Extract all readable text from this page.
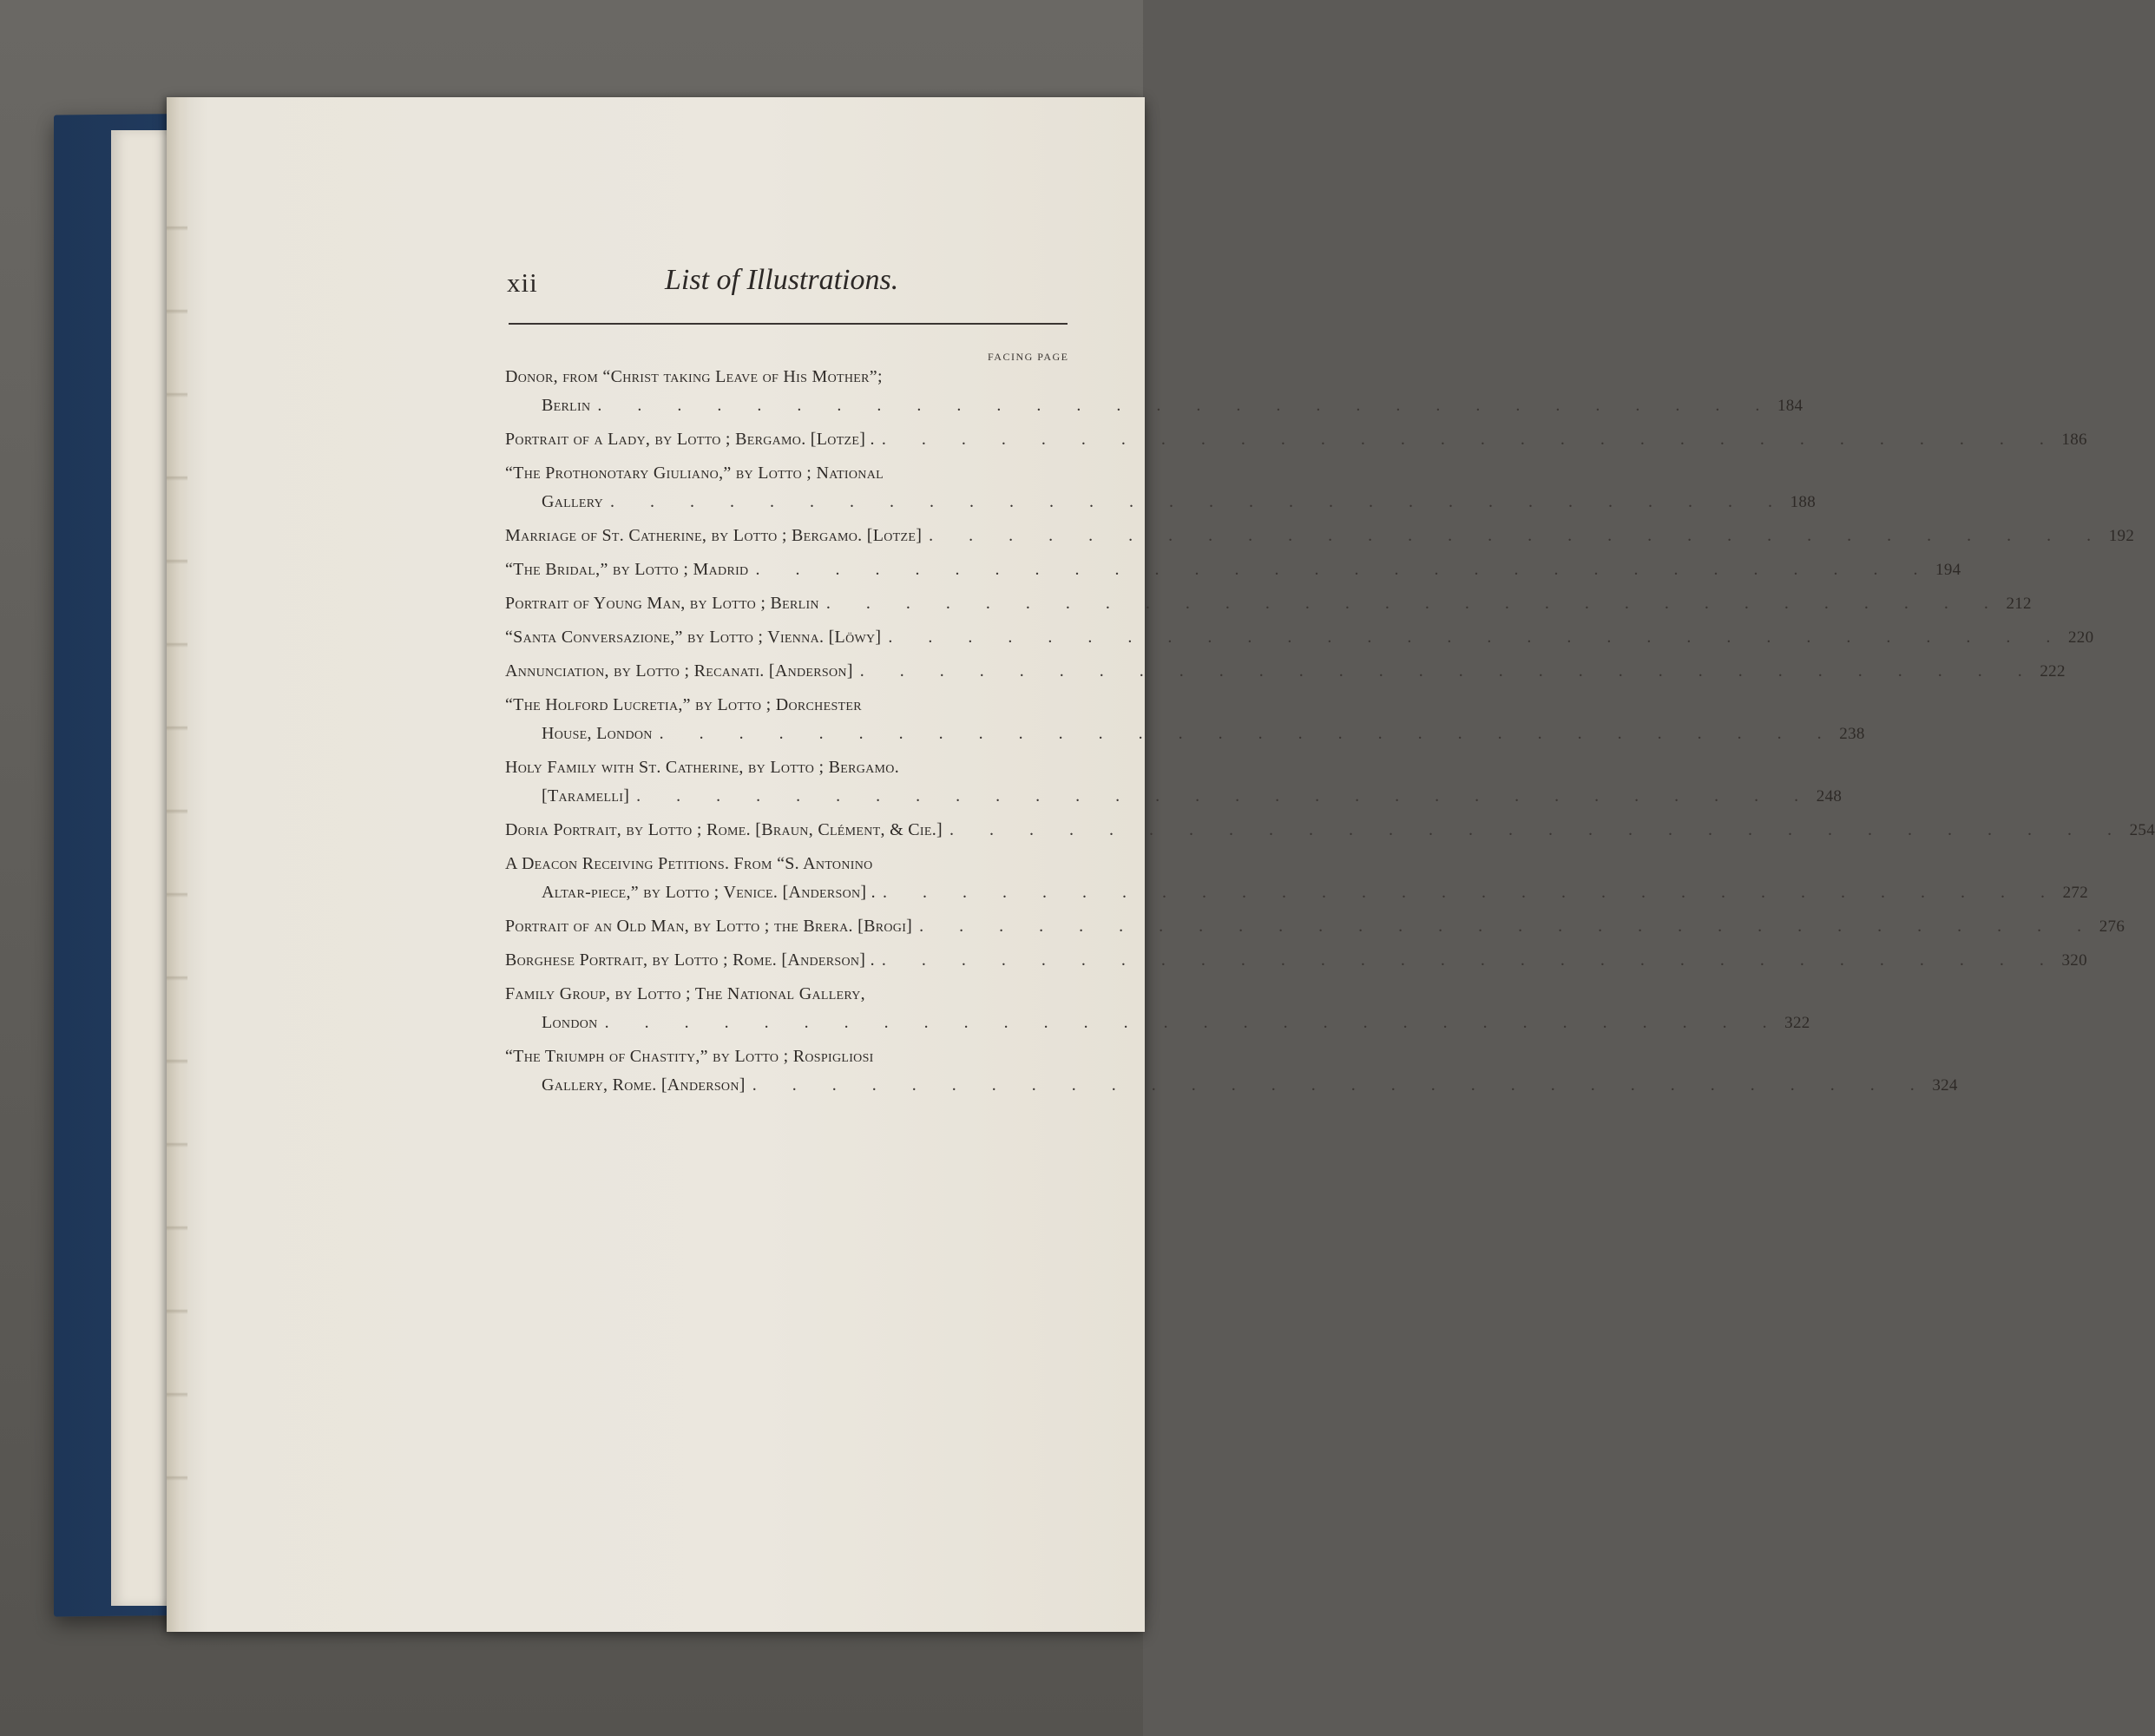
xii	List of Illustrations.
FACING PAGE
Donor, from “Christ taking Leave of His Mother”;
Berlin . . . . . . . . . . . . . . . . . . . . . . . . . . . . . . 184
Portrait of a Lady, by Lotto ; Bergamo. [Lotze] . . . . . . . . . . . . . . . . . . . . . . . . . . . . . . . 186
“The Prothonotary Giuliano,” by Lotto ; National
Gallery . . . . . . . . . . . . . . . . . . . . . . . . . . . . . . 188
Marriage of St. Catherine, by Lotto ; Bergamo. [Lotze] . . . . . . . . . . . . . . . . . . . . . . . . . . . . . . 192
“The Bridal,” by Lotto ; Madrid . . . . . . . . . . . . . . . . . . . . . . . . . . . . . . 194
Portrait of Young Man, by Lotto ; Berlin . . . . . . . . . . . . . . . . . . . . . . . . . . . . . . 212
“Santa Conversazione,” by Lotto ; Vienna. [Löwy] . . . . . . . . . . . . . . . . . . . . . . . . . . . . . . 220
Annunciation, by Lotto ; Recanati. [Anderson] . . . . . . . . . . . . . . . . . . . . . . . . . . . . . . 222
“The Holford Lucretia,” by Lotto ; Dorchester
House, London . . . . . . . . . . . . . . . . . . . . . . . . . . . . . . 238
Holy Family with St. Catherine, by Lotto ; Bergamo.
[Taramelli] . . . . . . . . . . . . . . . . . . . . . . . . . . . . . . 248
Doria Portrait, by Lotto ; Rome. [Braun, Clément, & Cie.] . . . . . . . . . . . . . . . . . . . . . . . . . . . . . . 254
A Deacon Receiving Petitions. From “S. Antonino
Altar-piece,” by Lotto ; Venice. [Anderson] . . . . . . . . . . . . . . . . . . . . . . . . . . . . . . . 272
Portrait of an Old Man, by Lotto ; the Brera. [Brogi] . . . . . . . . . . . . . . . . . . . . . . . . . . . . . . 276
Borghese Portrait, by Lotto ; Rome. [Anderson] . . . . . . . . . . . . . . . . . . . . . . . . . . . . . . . 320
Family Group, by Lotto ; The National Gallery,
London . . . . . . . . . . . . . . . . . . . . . . . . . . . . . . 322
“The Triumph of Chastity,” by Lotto ; Rospigliosi
Gallery, Rome. [Anderson] . . . . . . . . . . . . . . . . . . . . . . . . . . . . . . 324
